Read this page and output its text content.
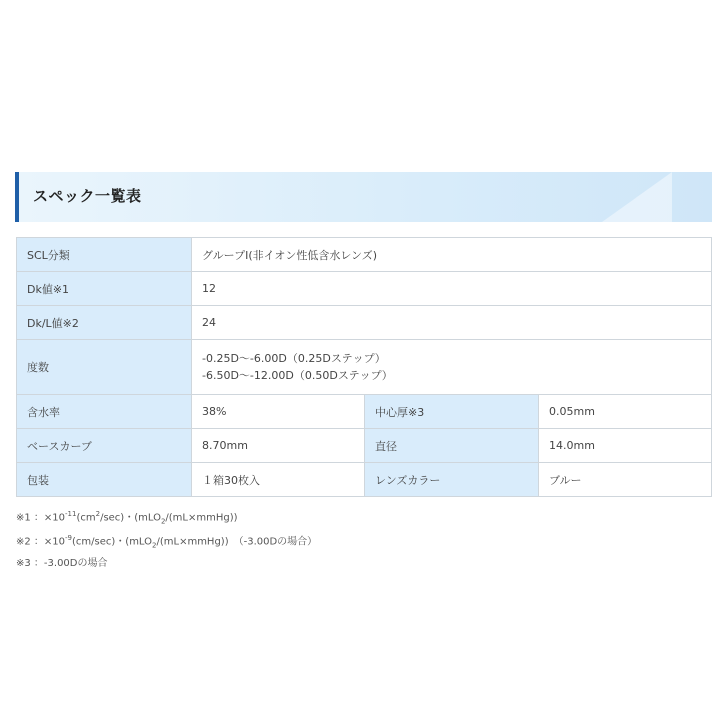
スペック一覧表
SCL分類	グループⅠ(非イオン性低含水レンズ)		
Dk値※1	12		
Dk/L値※2	24		
度数	-0.25D～-6.00D（0.25Dステップ）
-6.50D～-12.00D（0.50Dステップ）		

含水率	38%	中心厚※3	0.05mm
ベースカーブ	8.70mm	直径	14.0mm
包装	１箱30枚入	レンズカラー	ブルー
※1 ：$\times 10^{-11}(cm^2/\sec)$・(mLO$_2$/(mL×mmHg))
※2 ：$\times 10^{-9}(cm/\sec)$・(mLO$_2$/(mL×mmHg))　（-3.00Dの場合）
※3 ：-3.00Dの場合
